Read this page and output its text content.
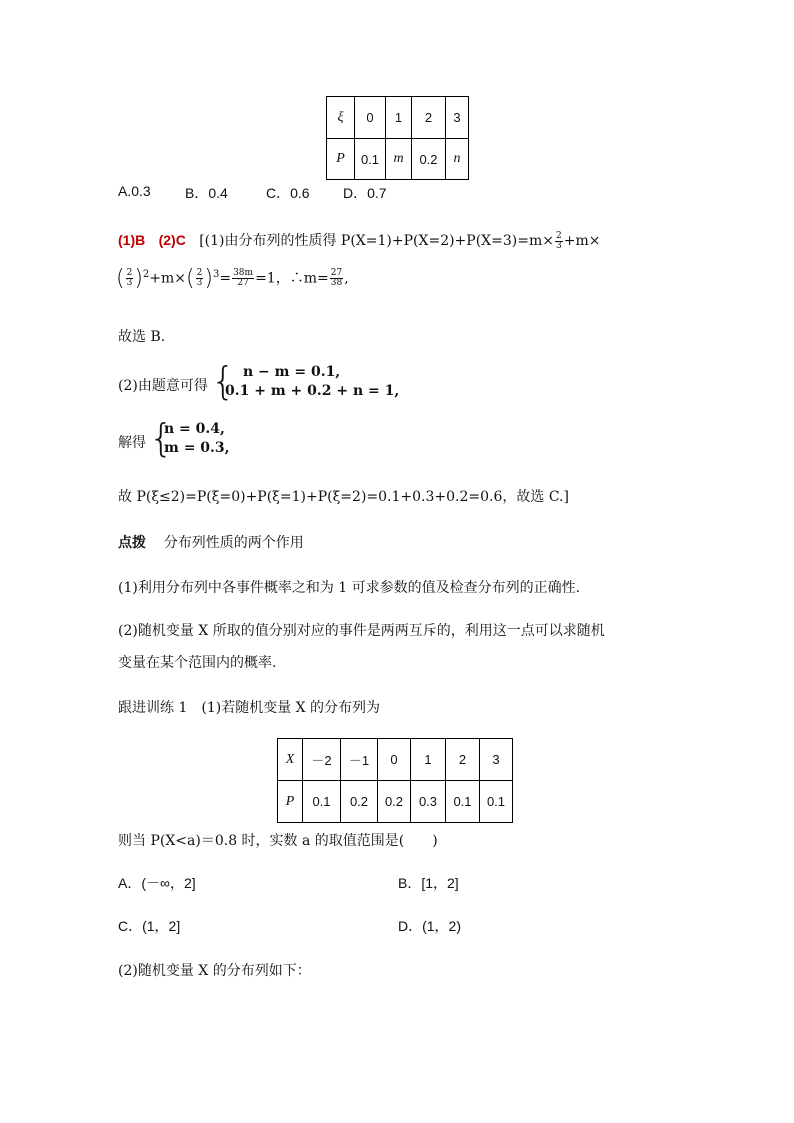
ξ	0	1	2	3
P	0.1	m	0.2	n
A.0.3 B．0.4	C．0.6 D．0.7
(1)B (2)C [(1)由分布列的性质得 $P(X=1)+P(X=2)+P(X=3)=m\times \frac{2}{3} +m\times$
( $\frac{2}{3} )^2+m\times( \frac{2}{3} )^3= \frac{38m}{27} =1$，∴m= $\frac{27}{38}$ ,
故选 B.
(2)由题意可得 { n − m = 0.1,
0.1 + m + 0.2 + n = 1,
解得 {
n = 0.4,
m = 0.3,
故 P(ξ≤2)=P(ξ=0)+P(ξ=1)+P(ξ=2)=0.1+0.3+0.2=0.6，故选 C.]
点拨 分布列性质的两个作用
(1)利用分布列中各事件概率之和为 1 可求参数的值及检查分布列的正确性.
(2)随机变量 X 所取的值分别对应的事件是两两互斥的，利用这一点可以求随机
变量在某个范围内的概率.
跟进训练 1　(1)若随机变量 X 的分布列为
X	－2	－1	0	1	2	3
P	0.1	0.2	0.2	0.3	0.1	0.1
则当 P(X<a)＝0.8 时，实数 a 的取值范围是(　　)
A．(－∞，2]	B．[1，2]
C．(1，2]	D．(1，2)
(2)随机变量 X 的分布列如下：
